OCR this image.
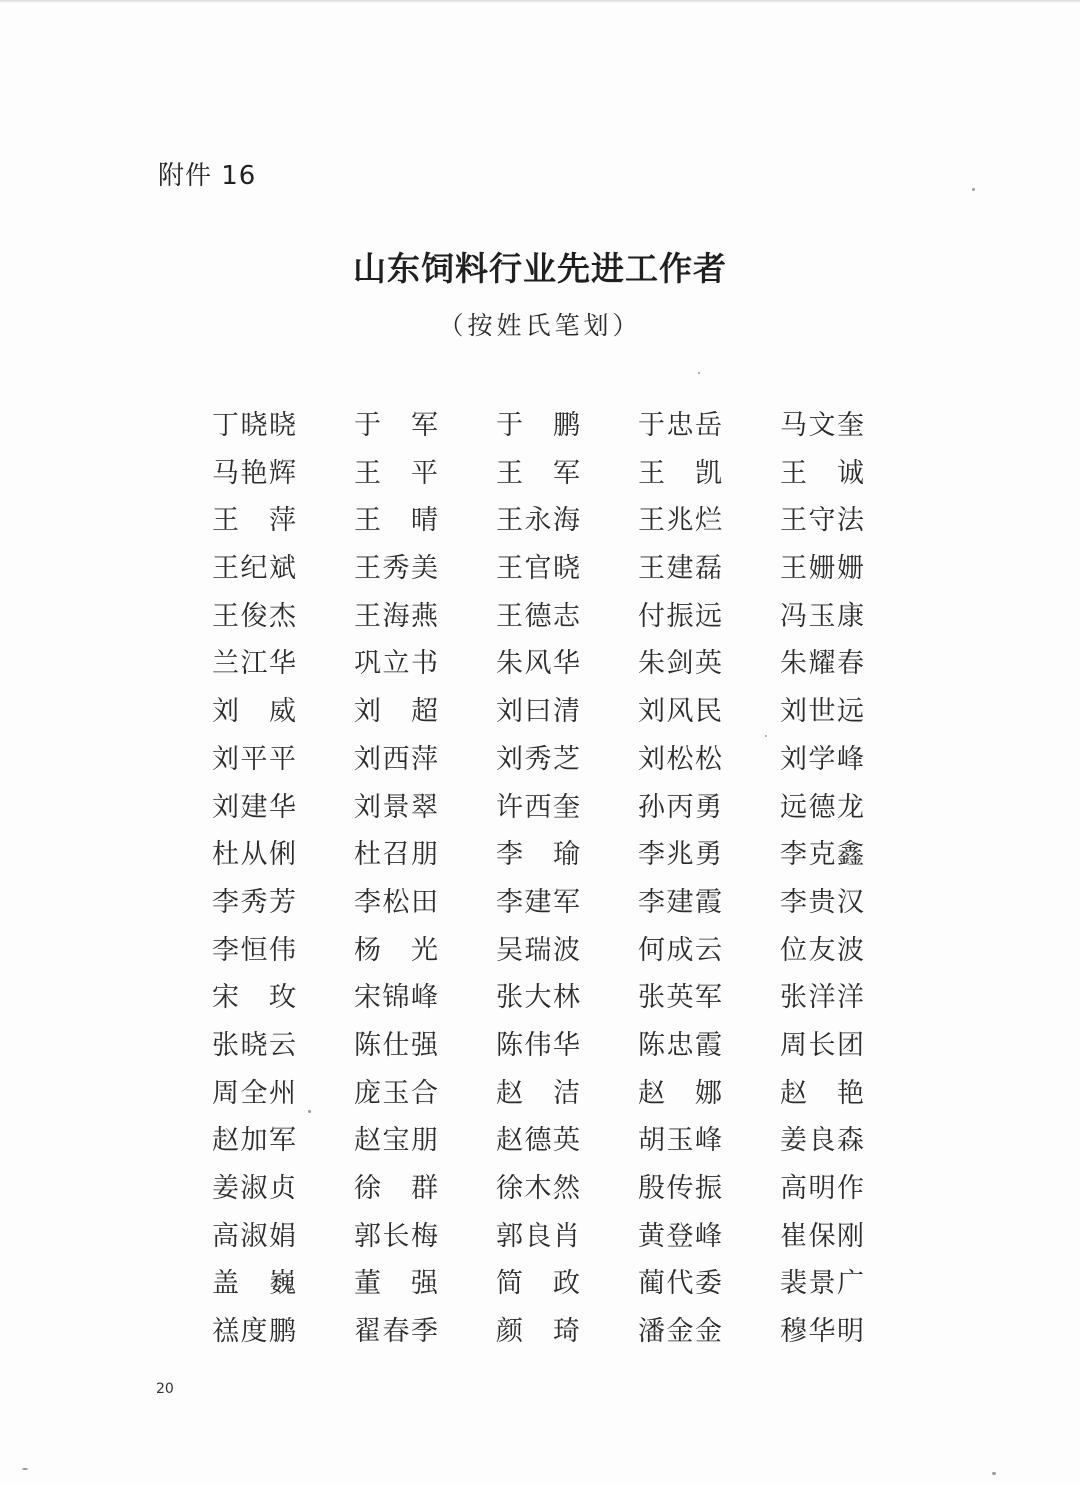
附件 16
山东饲料行业先进工作者
（按姓氏笔划）
丁晓晓 于 军 于 鹏 于忠岳 马文奎
马艳辉 王 平 王 军 王 凯 王 诚
王 萍 王 晴 王永海 王兆烂 王守法
王纪斌 王秀美 王官晓 王建磊 王姗姗
王俊杰 王海燕 王德志 付振远 冯玉康
兰江华 巩立书 朱风华 朱剑英 朱耀春
刘 威 刘 超 刘曰清 刘风民 刘世远
刘平平 刘西萍 刘秀芝 刘松松 刘学峰
刘建华 刘景翠 许西奎 孙丙勇 远德龙
杜从俐 杜召朋 李 瑜 李兆勇 李克鑫
李秀芳 李松田 李建军 李建霞 李贵汉
李恒伟 杨 光 吴瑞波 何成云 位友波
宋 玫 宋锦峰 张大林 张英军 张洋洋
张晓云 陈仕强 陈伟华 陈忠霞 周长团
周全州 庞玉合 赵 洁 赵 娜 赵 艳
赵加军 赵宝朋 赵德英 胡玉峰 姜良森
姜淑贞 徐 群 徐木然 殷传振 高明作
高淑娟 郭长梅 郭良肖 黄登峰 崔保刚
盖 巍 董 强 简 政 蔺代委 裴景广
禚度鹏 翟春季 颜 琦 潘金金 穆华明
20
